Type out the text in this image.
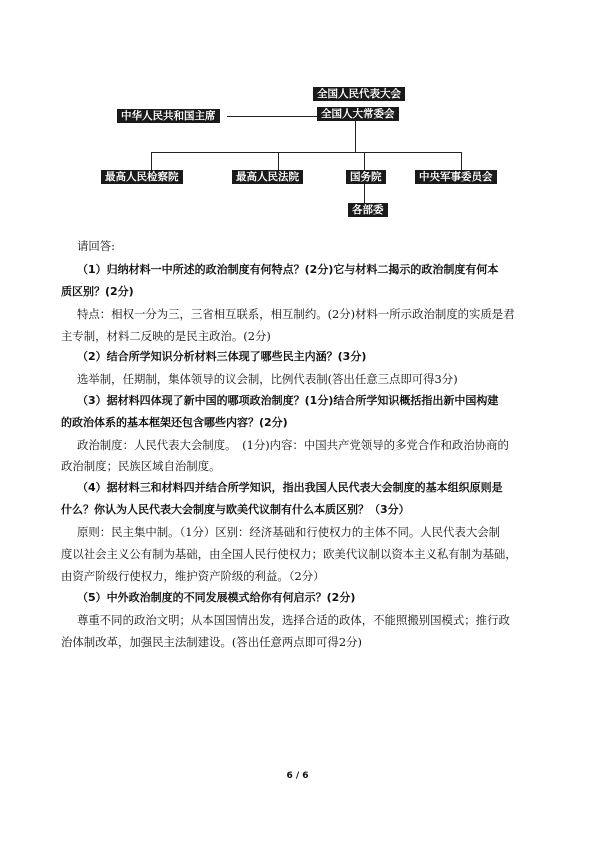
全国人民代表大会
全国人大常委会
中华人民共和国主席
最高人民检察院	最高人民法院	国务院	中央军事委员会
各部委
请回答:
（1）归纳材料一中所述的政治制度有何特点？(2分)它与材料二揭示的政治制度有何本
质区别？(2分)
特点：相权一分为三，三省相互联系，相互制约。(2分)材料一所示政治制度的实质是君
主专制，材料二反映的是民主政治。(2分)
（2）结合所学知识分析材料三体现了哪些民主内涵？(3分)
选举制，任期制，集体领导的议会制，比例代表制(答出任意三点即可得3分)
（3）据材料四体现了新中国的哪项政治制度？(1分)结合所学知识概括指出新中国构建
的政治体系的基本框架还包含哪些内容？(2分)
政治制度：人民代表大会制度。　(1分)内容：中国共产党领导的多党合作和政治协商的
政治制度；民族区域自治制度。
（4）据材料三和材料四并结合所学知识，指出我国人民代表大会制度的基本组织原则是
什么？你认为人民代表大会制度与欧美代议制有什么本质区别？（3分）
原则：民主集中制。（1分）区别：经济基础和行使权力的主体不同。人民代表大会制
度以社会主义公有制为基础，由全国人民行使权力；欧美代议制以资本主义私有制为基础，
由资产阶级行使权力，维护资产阶级的利益。（2分）
（5）中外政治制度的不同发展模式给你有何启示？(2分)
尊重不同的政治文明；从本国国情出发，选择合适的政体，不能照搬别国模式；推行政
治体制改革，加强民主法制建设。(答出任意两点即可得2分)
6 / 6
